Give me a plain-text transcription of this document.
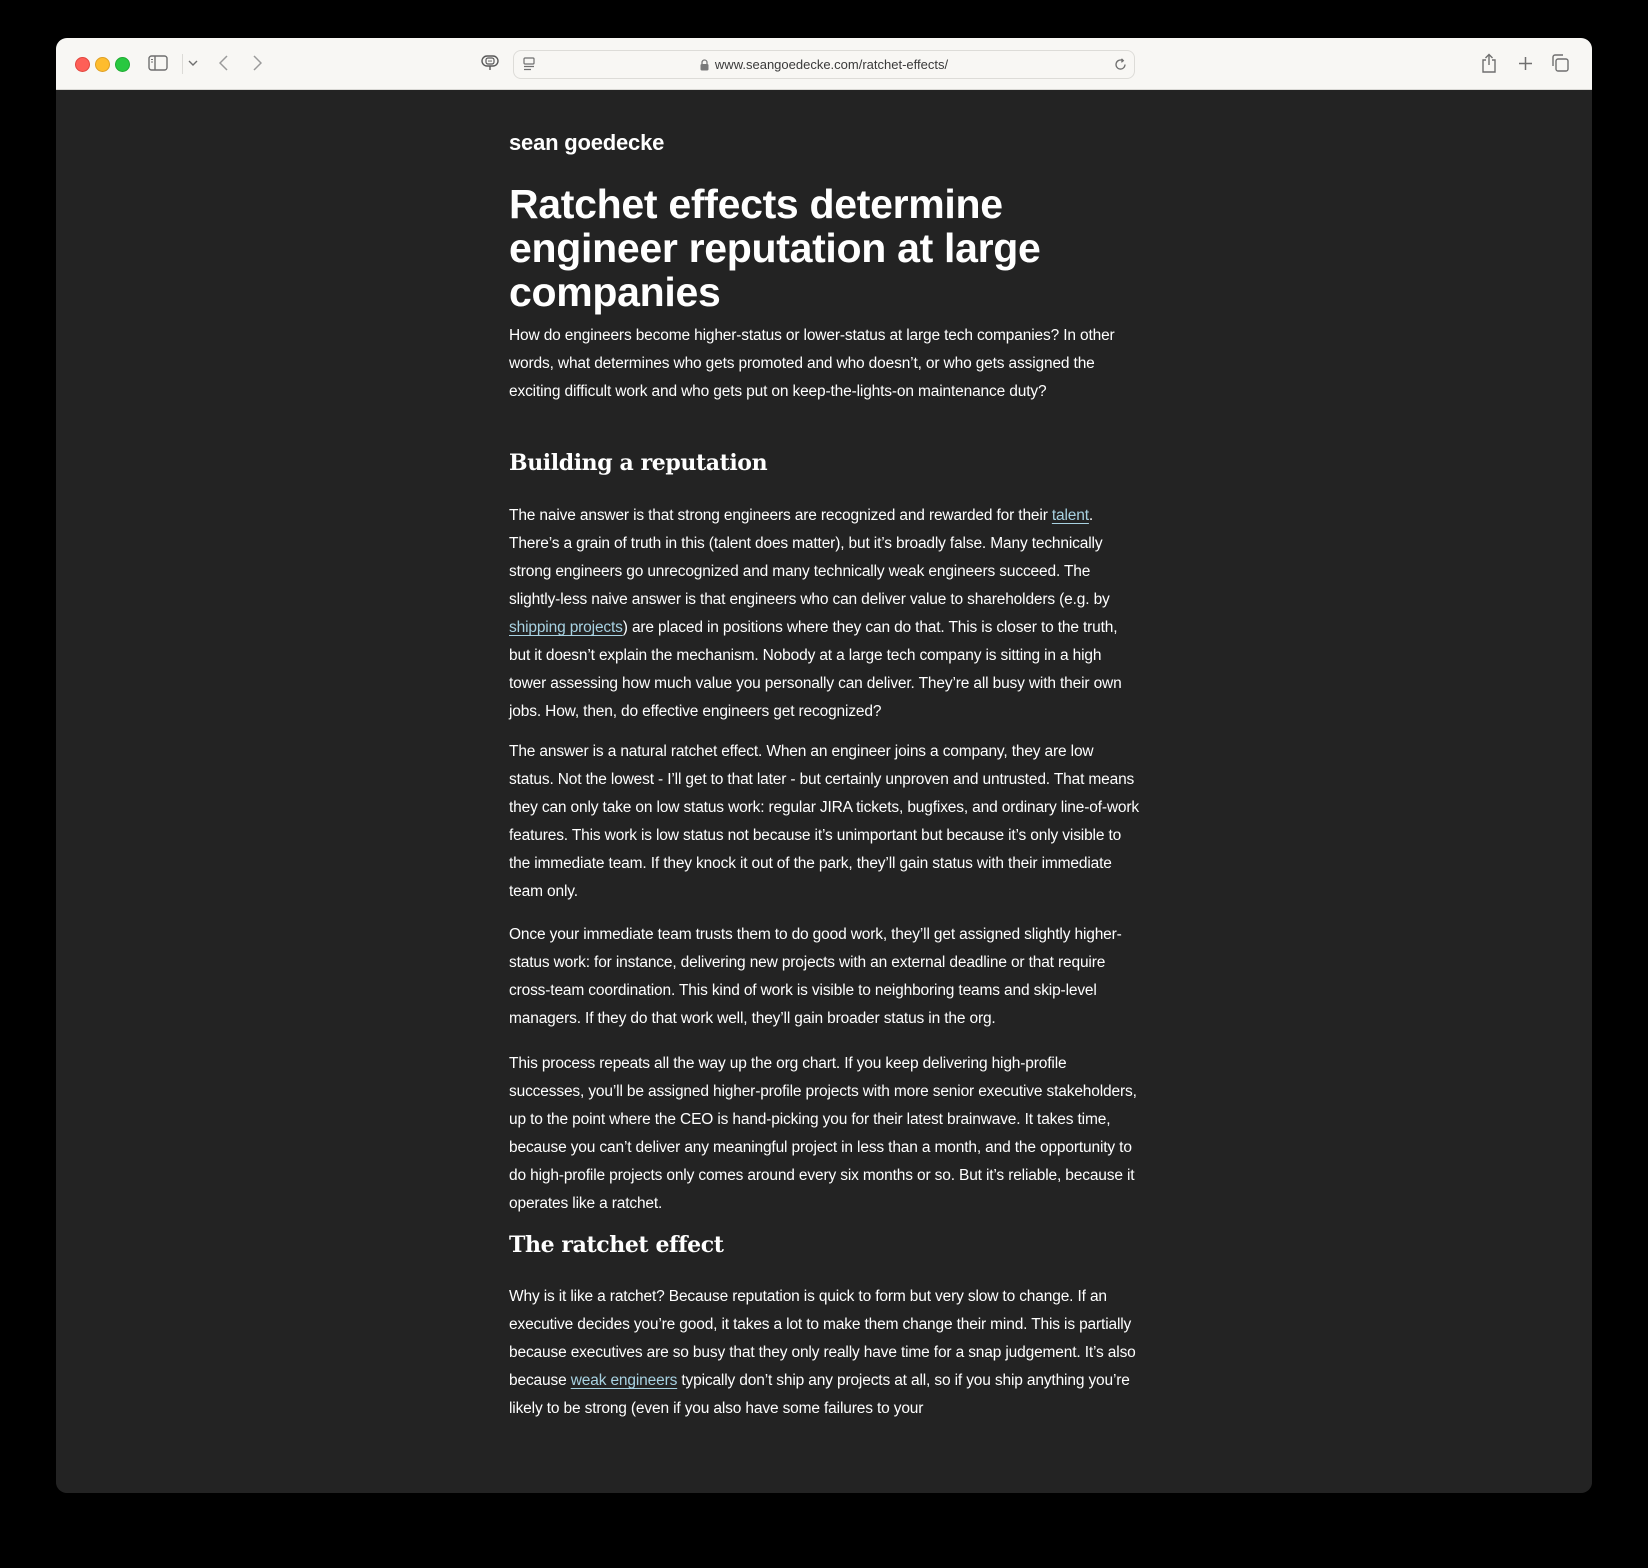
www.seangoedecke.com/ratchet-effects/
sean goedecke
Ratchet effects determine engineer reputation at large companies

How do engineers become higher-status or lower-status at large tech companies? In other words, what determines who gets promoted and who doesn’t, or who gets assigned the exciting difficult work and who gets put on keep-the-lights-on maintenance duty?

Building a reputation

The naive answer is that strong engineers are recognized and rewarded for their talent. There’s a grain of truth in this (talent does matter), but it’s broadly false. Many technically strong engineers go unrecognized and many technically weak engineers succeed. The slightly-less naive answer is that engineers who can deliver value to shareholders (e.g. by shipping projects) are placed in positions where they can do that. This is closer to the truth, but it doesn’t explain the mechanism. Nobody at a large tech company is sitting in a high tower assessing how much value you personally can deliver. They’re all busy with their own jobs. How, then, do effective engineers get recognized?

The answer is a natural ratchet effect. When an engineer joins a company, they are low status. Not the lowest - I’ll get to that later - but certainly unproven and untrusted. That means they can only take on low status work: regular JIRA tickets, bugfixes, and ordinary line-of-work features. This work is low status not because it’s unimportant but because it’s only visible to the immediate team. If they knock it out of the park, they’ll gain status with their immediate team only.

Once your immediate team trusts them to do good work, they’ll get assigned slightly higher-status work: for instance, delivering new projects with an external deadline or that require cross-team coordination. This kind of work is visible to neighboring teams and skip-level managers. If they do that work well, they’ll gain broader status in the org.

This process repeats all the way up the org chart. If you keep delivering high-profile successes, you’ll be assigned higher-profile projects with more senior executive stakeholders, up to the point where the CEO is hand-picking you for their latest brainwave. It takes time, because you can’t deliver any meaningful project in less than a month, and the opportunity to do high-profile projects only comes around every six months or so. But it’s reliable, because it operates like a ratchet.

The ratchet effect

Why is it like a ratchet? Because reputation is quick to form but very slow to change. If an executive decides you’re good, it takes a lot to make them change their mind. This is partially because executives are so busy that they only really have time for a snap judgement. It’s also because weak engineers typically don’t ship any projects at all, so if you ship anything you’re likely to be strong (even if you also have some failures to your
